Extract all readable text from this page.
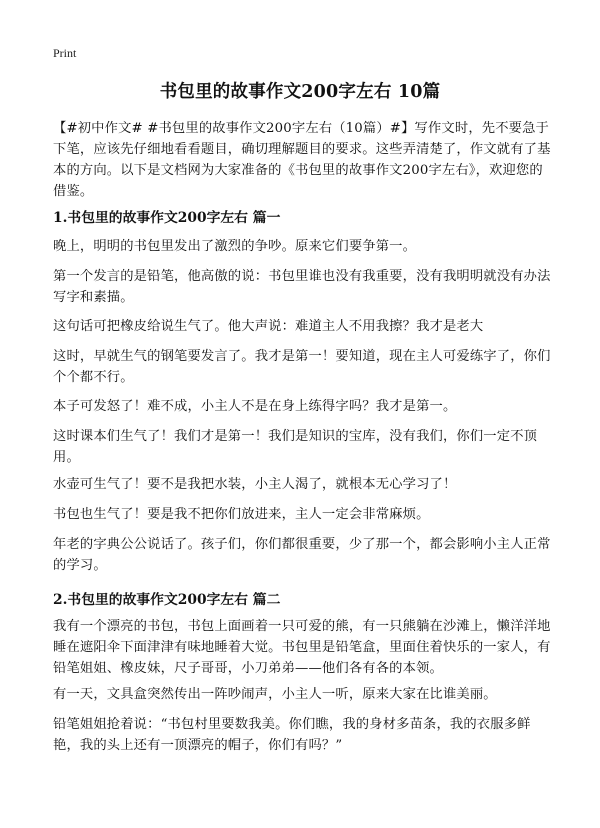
Print
书包里的故事作文200字左右 10篇
【#初中作文# #书包里的故事作文200字左右（10篇）#】写作文时，先不要急于下笔，应该先仔细地看看题目，确切理解题目的要求。这些弄清楚了，作文就有了基本的方向。以下是文档网为大家准备的《书包里的故事作文200字左右》，欢迎您的借鉴。
1.书包里的故事作文200字左右 篇一
晚上，明明的书包里发出了激烈的争吵。原来它们要争第一。
第一个发言的是铅笔，他高傲的说：书包里谁也没有我重要，没有我明明就没有办法写字和素描。
这句话可把橡皮给说生气了。他大声说：难道主人不用我擦？我才是老大
这时，早就生气的钢笔要发言了。我才是第一！要知道，现在主人可爱练字了，你们个个都不行。
本子可发怒了！难不成，小主人不是在身上练得字吗？我才是第一。
这时课本们生气了！我们才是第一！我们是知识的宝库，没有我们，你们一定不顶用。
水壶可生气了！要不是我把水装，小主人渴了，就根本无心学习了！
书包也生气了！要是我不把你们放进来，主人一定会非常麻烦。
年老的字典公公说话了。孩子们，你们都很重要，少了那一个，都会影响小主人正常的学习。
2.书包里的故事作文200字左右 篇二
我有一个漂亮的书包，书包上面画着一只可爱的熊，有一只熊躺在沙滩上，懒洋洋地睡在遮阳伞下面津津有味地睡着大觉。书包里是铅笔盒，里面住着快乐的一家人，有铅笔姐姐、橡皮妹，尺子哥哥，小刀弟弟——他们各有各的本领。
有一天，文具盒突然传出一阵吵闹声，小主人一听，原来大家在比谁美丽。
铅笔姐姐抢着说：“书包村里要数我美。你们瞧，我的身材多苗条，我的衣服多鲜艳，我的头上还有一顶漂亮的帽子，你们有吗？”
